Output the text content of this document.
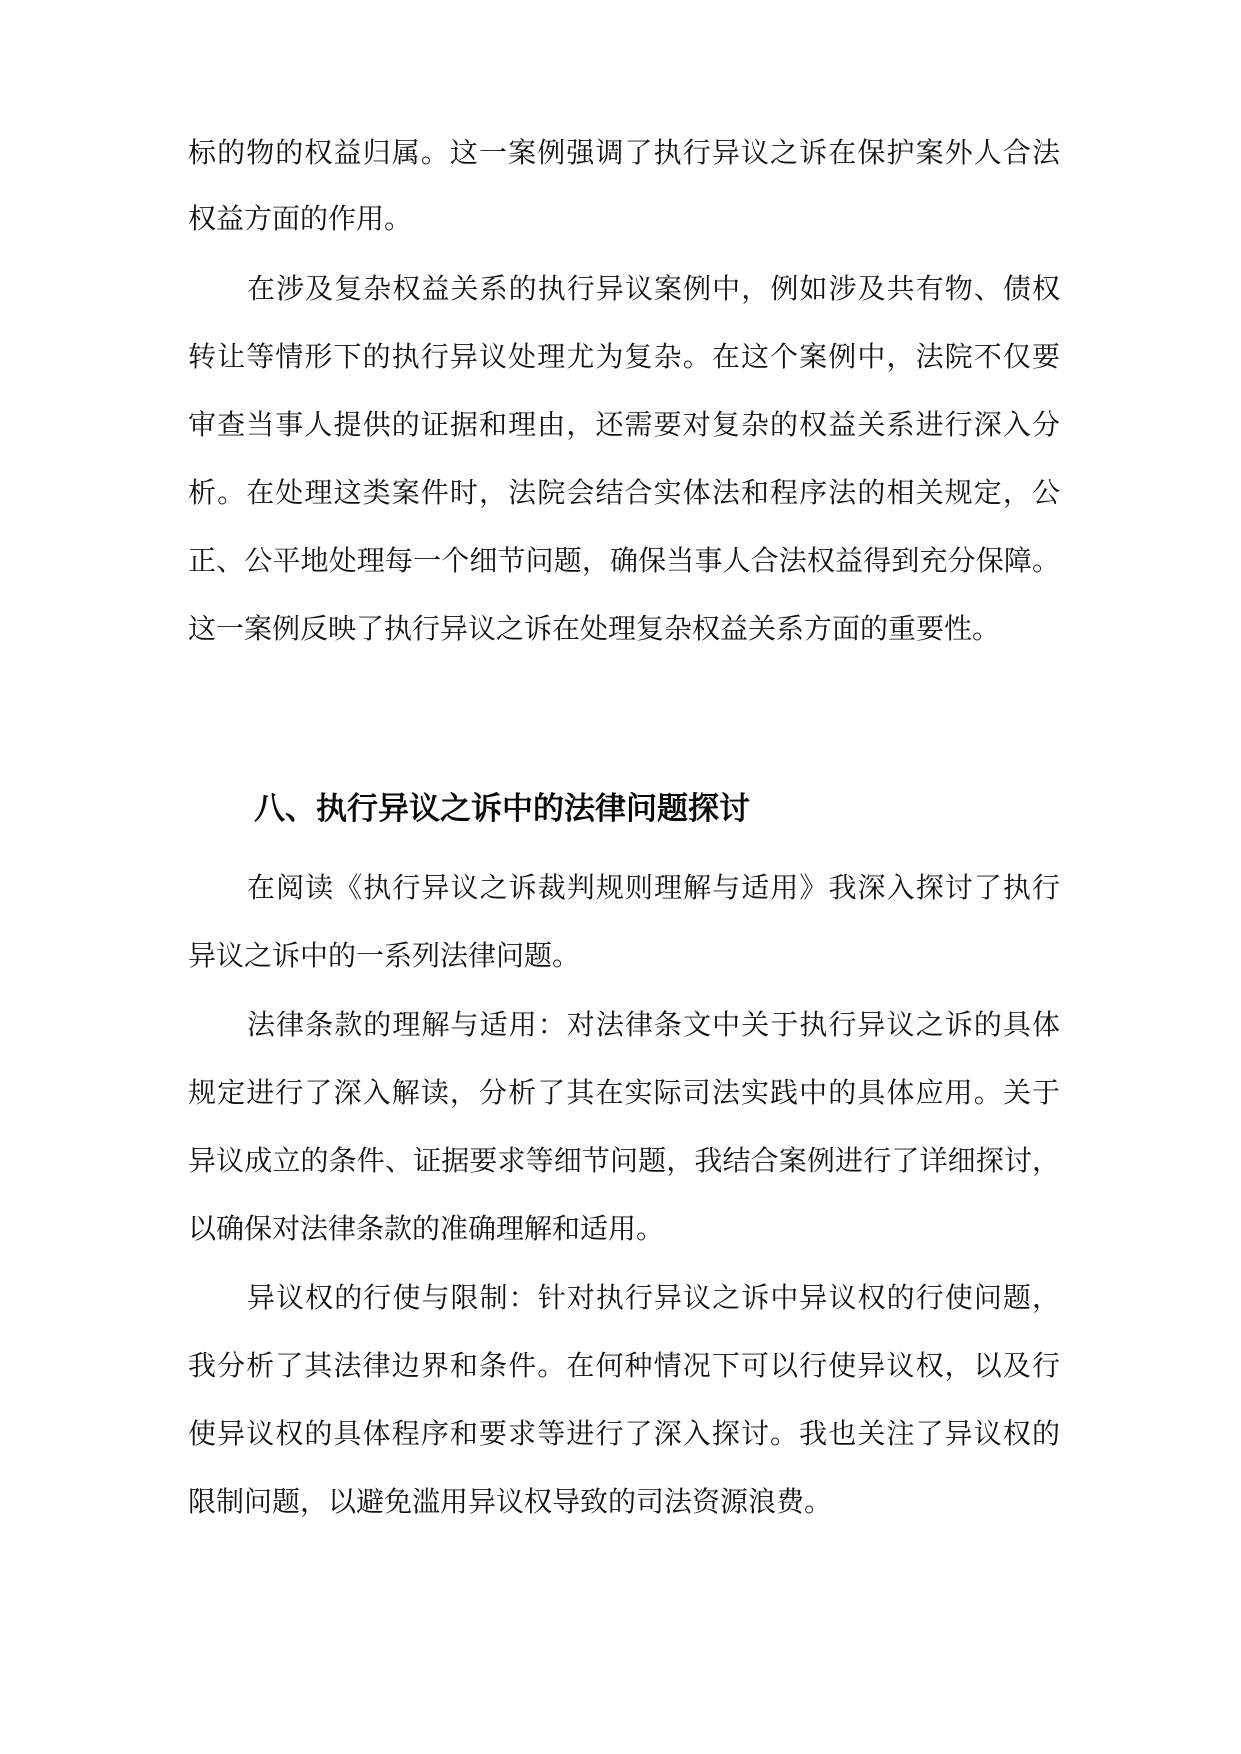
标的物的权益归属。这一案例强调了执行异议之诉在保护案外人合法
权益方面的作用。
在涉及复杂权益关系的执行异议案例中，例如涉及共有物、债权
转让等情形下的执行异议处理尤为复杂。在这个案例中，法院不仅要
审查当事人提供的证据和理由，还需要对复杂的权益关系进行深入分
析。在处理这类案件时，法院会结合实体法和程序法的相关规定，公
正、公平地处理每一个细节问题，确保当事人合法权益得到充分保障。
这一案例反映了执行异议之诉在处理复杂权益关系方面的重要性。
八、执行异议之诉中的法律问题探讨
在阅读《执行异议之诉裁判规则理解与适用》我深入探讨了执行
异议之诉中的一系列法律问题。
法律条款的理解与适用：对法律条文中关于执行异议之诉的具体
规定进行了深入解读，分析了其在实际司法实践中的具体应用。关于
异议成立的条件、证据要求等细节问题，我结合案例进行了详细探讨，
以确保对法律条款的准确理解和适用。
异议权的行使与限制：针对执行异议之诉中异议权的行使问题，
我分析了其法律边界和条件。在何种情况下可以行使异议权，以及行
使异议权的具体程序和要求等进行了深入探讨。我也关注了异议权的
限制问题，以避免滥用异议权导致的司法资源浪费。
